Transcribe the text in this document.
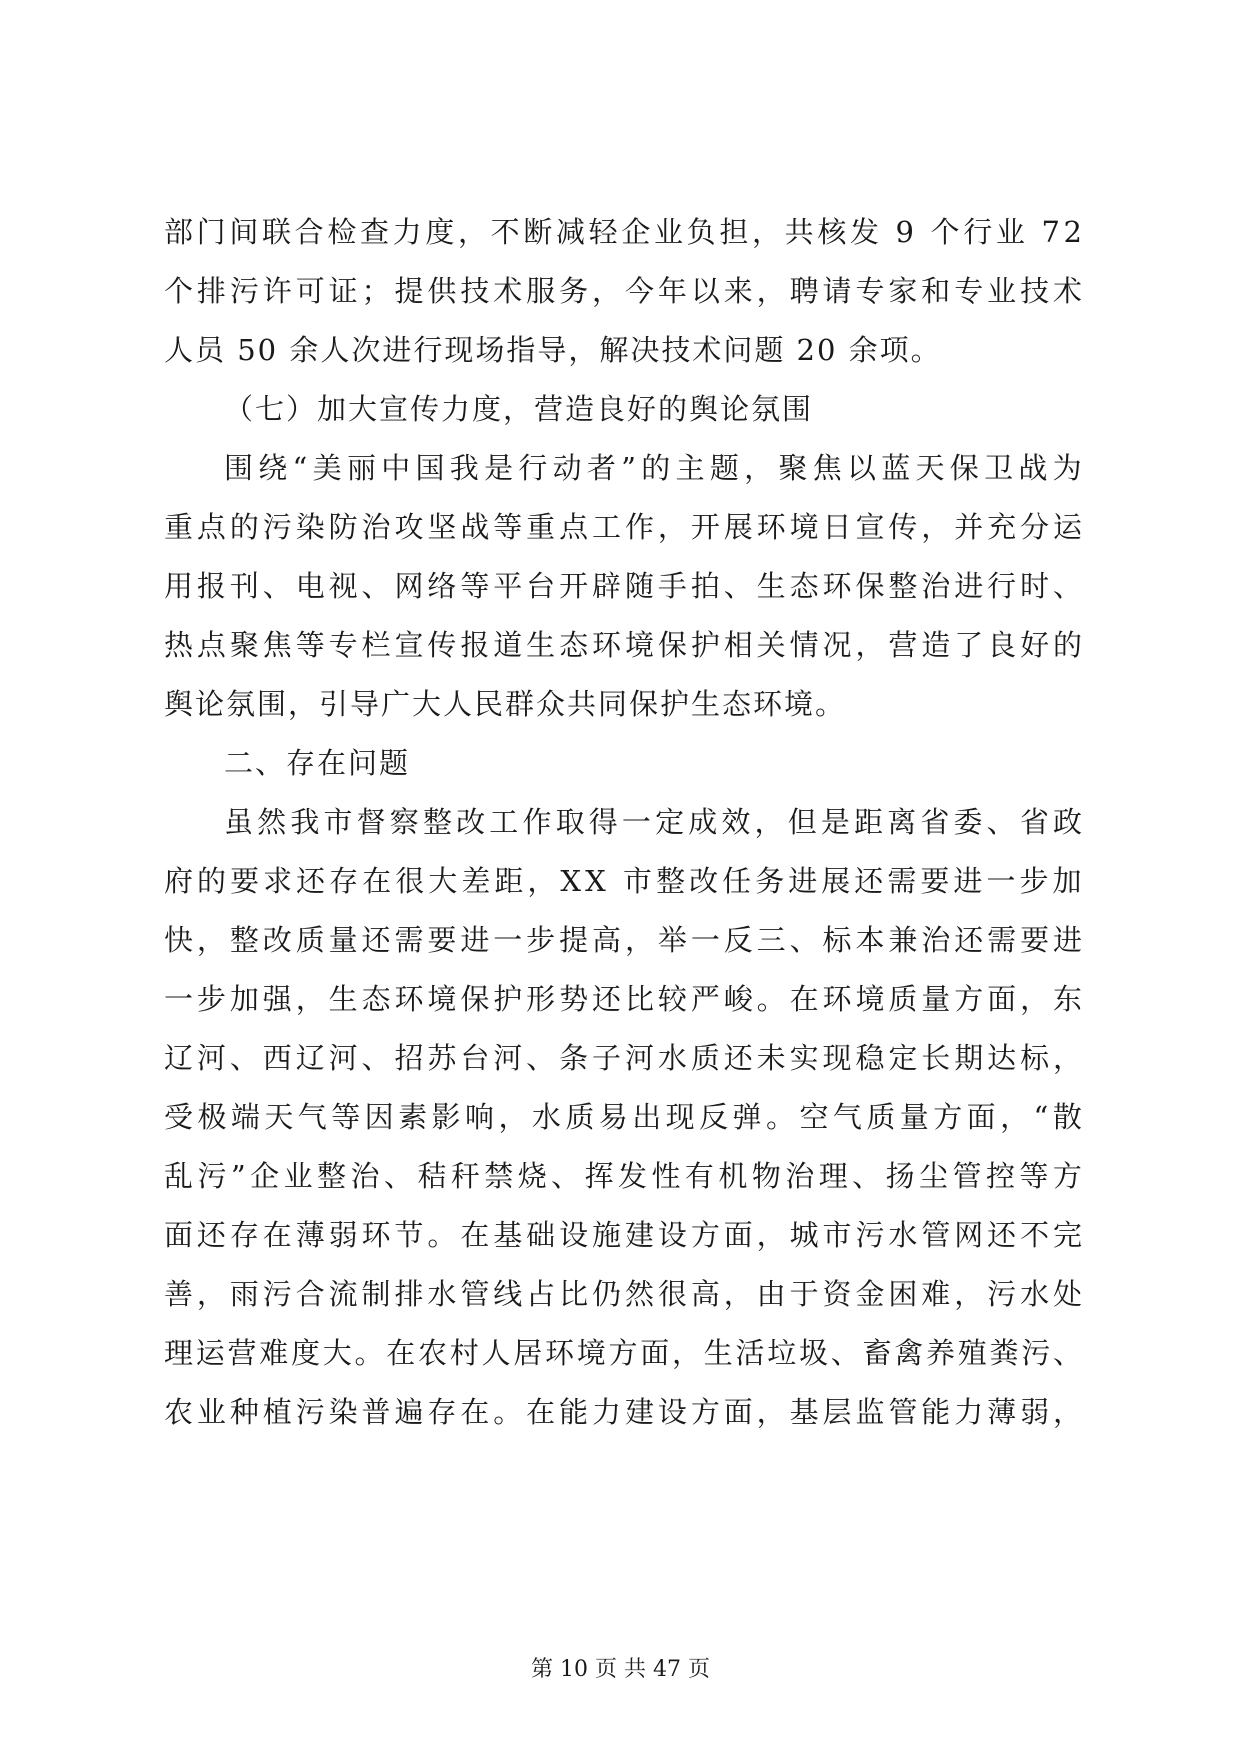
部门间联合检查力度，不断减轻企业负担，共核发 9 个行业 72
个排污许可证；提供技术服务，今年以来，聘请专家和专业技术
人员 50 余人次进行现场指导，解决技术问题 20 余项。
（七）加大宣传力度，营造良好的舆论氛围
围绕“美丽中国我是行动者”的主题，聚焦以蓝天保卫战为
重点的污染防治攻坚战等重点工作，开展环境日宣传，并充分运
用报刊、电视、网络等平台开辟随手拍、生态环保整治进行时、
热点聚焦等专栏宣传报道生态环境保护相关情况，营造了良好的
舆论氛围，引导广大人民群众共同保护生态环境。
二、存在问题
虽然我市督察整改工作取得一定成效，但是距离省委、省政
府的要求还存在很大差距，XX 市整改任务进展还需要进一步加
快，整改质量还需要进一步提高，举一反三、标本兼治还需要进
一步加强，生态环境保护形势还比较严峻。在环境质量方面，东
辽河、西辽河、招苏台河、条子河水质还未实现稳定长期达标，
受极端天气等因素影响，水质易出现反弹。空气质量方面，“散
乱污”企业整治、秸秆禁烧、挥发性有机物治理、扬尘管控等方
面还存在薄弱环节。在基础设施建设方面，城市污水管网还不完
善，雨污合流制排水管线占比仍然很高，由于资金困难，污水处
理运营难度大。在农村人居环境方面，生活垃圾、畜禽养殖粪污、
农业种植污染普遍存在。在能力建设方面，基层监管能力薄弱，
第 10 页 共 47 页
